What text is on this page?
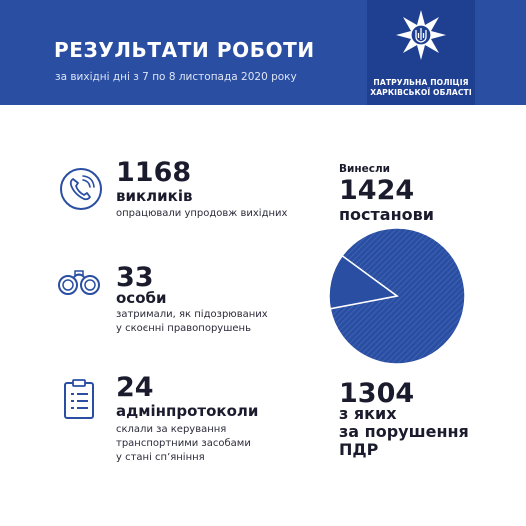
РЕЗУЛЬТАТИ РОБОТИ
за вихідні дні з 7 по 8 листопада 2020 року	ПАТРУЛЬНА ПОЛІЦІЯ
ХАРКІВСЬКОЇ ОБЛАСТІ
1168
викликів
опрацювали упродовж вихідних
33
особи
затримали, як підозрюваних
у скоєнні правопорушень
24
адмінпротоколи
склали за керування
транспортними засобами
у стані сп’яніння
Винесли
1424
постанови
1304
з яких
за порушення
ПДР
